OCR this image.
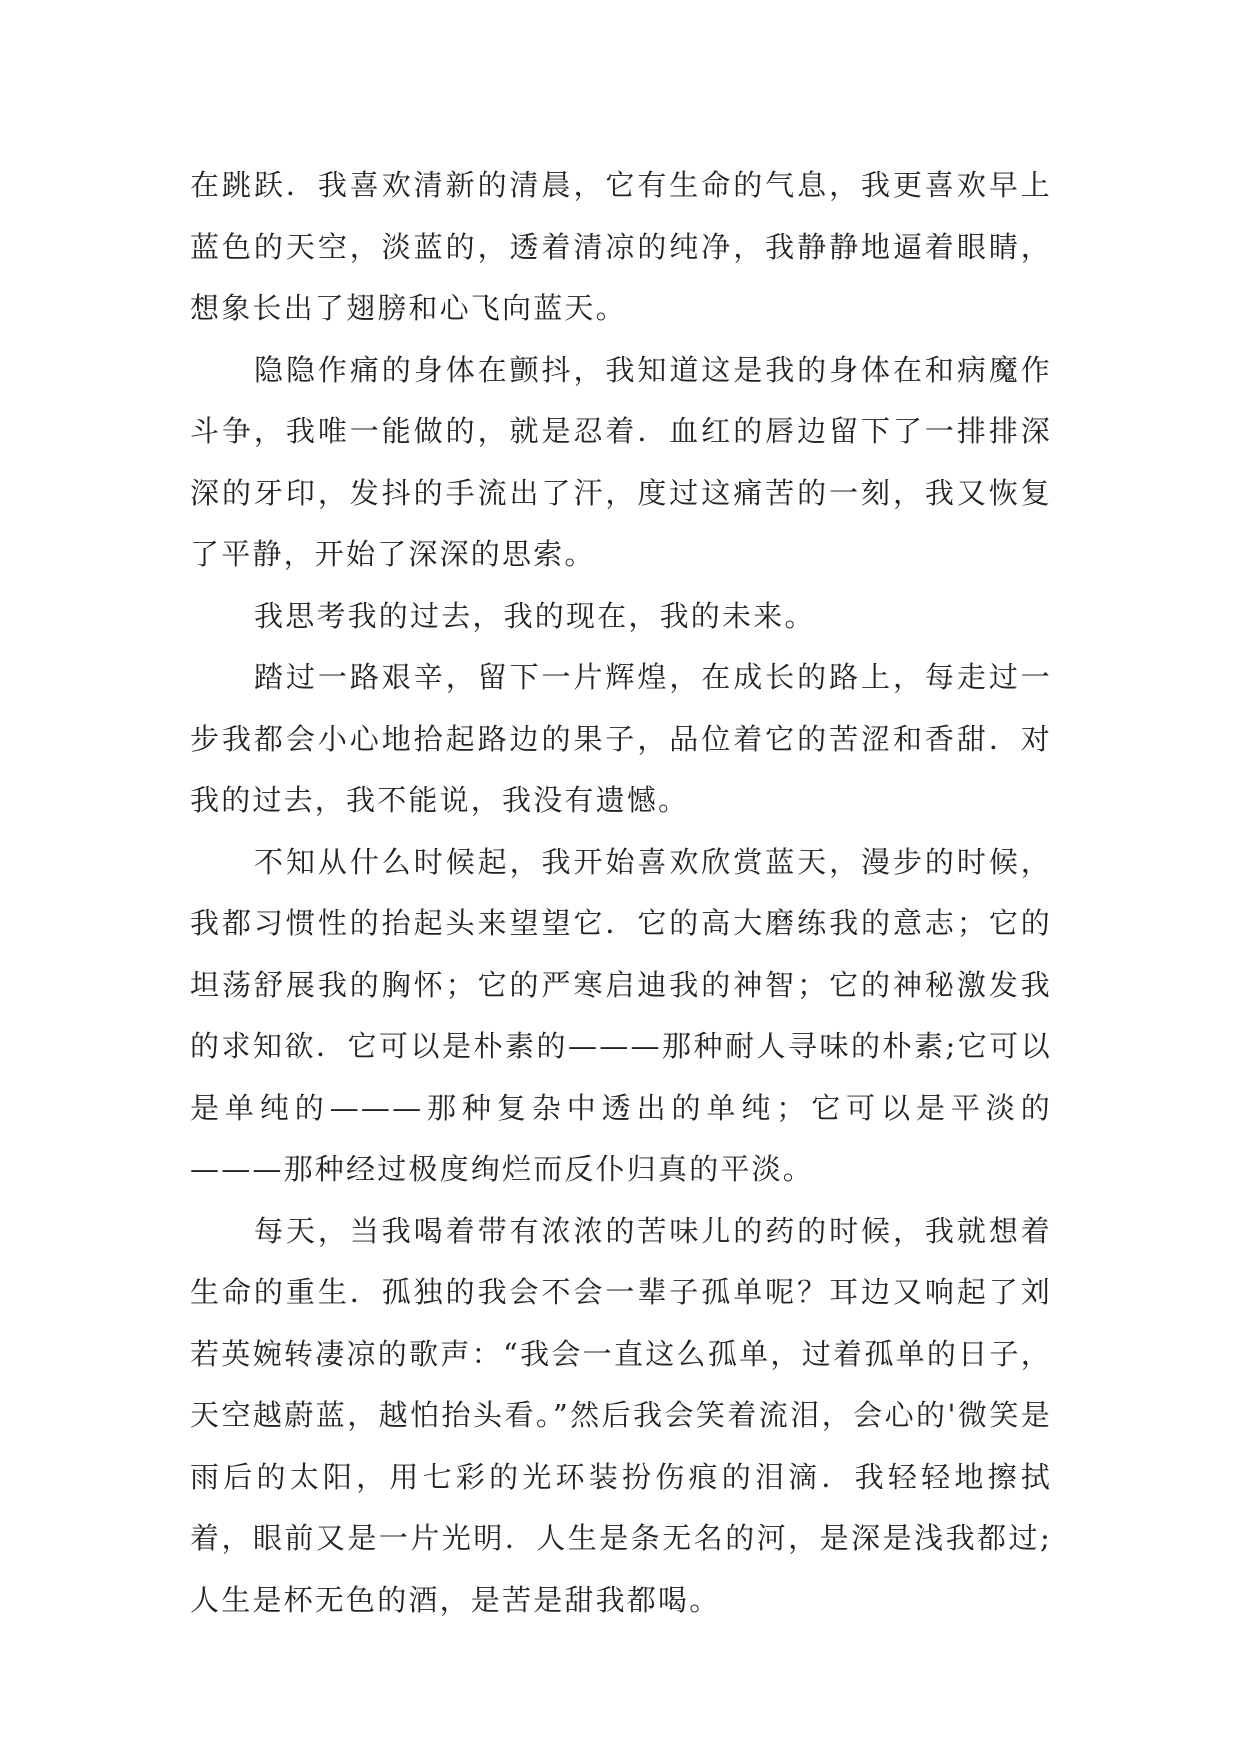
在跳跃．我喜欢清新的清晨，它有生命的气息，我更喜欢早上蓝色的天空，淡蓝的，透着清凉的纯净，我静静地逼着眼睛，想象长出了翅膀和心飞向蓝天。

隐隐作痛的身体在颤抖，我知道这是我的身体在和病魔作斗争，我唯一能做的，就是忍着．血红的唇边留下了一排排深深的牙印，发抖的手流出了汗，度过这痛苦的一刻，我又恢复了平静，开始了深深的思索。

我思考我的过去，我的现在，我的未来。

踏过一路艰辛，留下一片辉煌，在成长的路上，每走过一步我都会小心地拾起路边的果子，品位着它的苦涩和香甜．对我的过去，我不能说，我没有遗憾。

不知从什么时候起，我开始喜欢欣赏蓝天，漫步的时候，我都习惯性的抬起头来望望它．它的高大磨练我的意志；它的坦荡舒展我的胸怀；它的严寒启迪我的神智；它的神秘激发我的求知欲．它可以是朴素的———那种耐人寻味的朴素;它可以是单纯的———那种复杂中透出的单纯；它可以是平淡的———那种经过极度绚烂而反仆归真的平淡。

每天，当我喝着带有浓浓的苦味儿的药的时候，我就想着生命的重生．孤独的我会不会一辈子孤单呢？耳边又响起了刘若英婉转凄凉的歌声：“我会一直这么孤单，过着孤单的日子，天空越蔚蓝，越怕抬头看。”然后我会笑着流泪，会心的'微笑是雨后的太阳，用七彩的光环装扮伤痕的泪滴．我轻轻地擦拭着，眼前又是一片光明．人生是条无名的河，是深是浅我都过;人生是杯无色的酒，是苦是甜我都喝。
